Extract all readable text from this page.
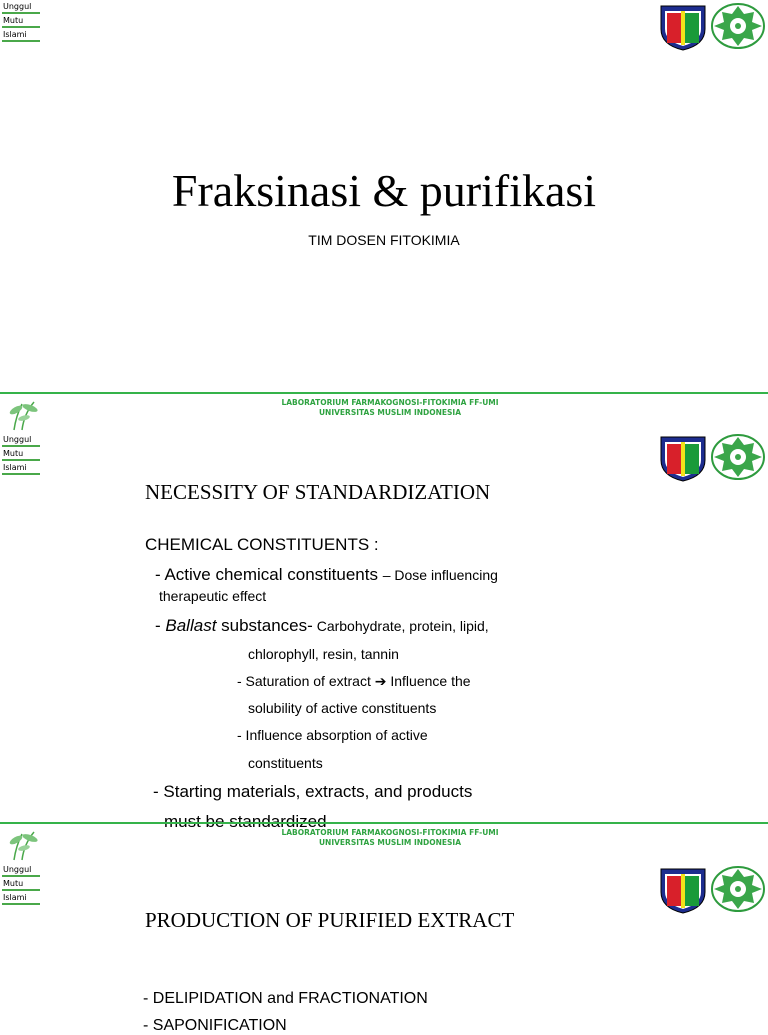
Unggul
Mutu
Islami
Fraksinasi & purifikasi
TIM DOSEN FITOKIMIA
LABORATORIUM FARMAKOGNOSI-FITOKIMIA FF-UMI
UNIVERSITAS MUSLIM INDONESIA
Unggul
Mutu
Islami
NECESSITY OF STANDARDIZATION
CHEMICAL CONSTITUENTS :
- Active chemical constituents – Dose influencing
therapeutic effect
- Ballast substances- Carbohydrate, protein, lipid,
chlorophyll, resin, tannin
- Saturation of extract ➔ Influence the
solubility of active constituents
- Influence absorption of active
constituents
- Starting materials, extracts, and products
LABORATORIUM FARMAKOGNOSI-FITOKIMIA FF-UMI
UNIVERSITAS MUSLIM INDONESIA
Unggul
Mutu
Islami
PRODUCTION OF PURIFIED EXTRACT
- DELIPIDATION and FRACTIONATION
- SAPONIFICATION
